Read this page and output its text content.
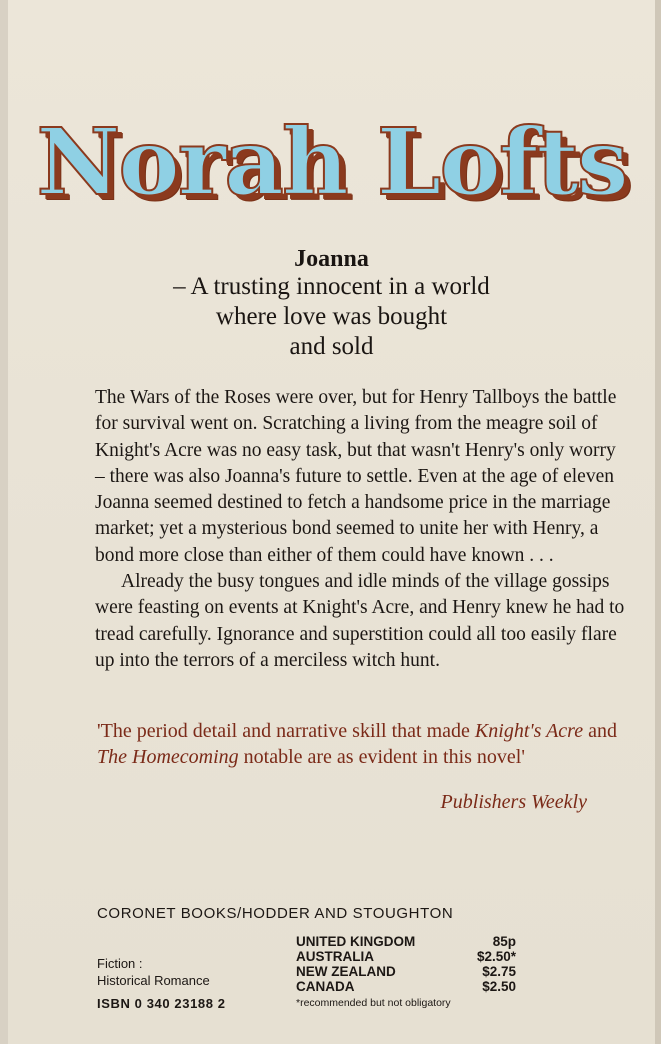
Norah Lofts
Joanna
– A trusting innocent in a world
where love was bought
and sold

The Wars of the Roses were over, but for Henry Tallboys the battle for survival went on. Scratching a living from the meagre soil of Knight's Acre was no easy task, but that wasn't Henry's only worry – there was also Joanna's future to settle. Even at the age of eleven Joanna seemed destined to fetch a handsome price in the marriage market; yet a mysterious bond seemed to unite her with Henry, a bond more close than either of them could have known . . .

Already the busy tongues and idle minds of the village gossips were feasting on events at Knight's Acre, and Henry knew he had to tread carefully. Ignorance and superstition could all too easily flare up into the terrors of a merciless witch hunt.

'The period detail and narrative skill that made Knight's Acre and The Homecoming notable are as evident in this novel'
Publishers Weekly
CORONET BOOKS/HODDER AND STOUGHTON
Fiction :
Historical Romance
ISBN 0 340 23188 2
UNITED KINGDOM	85p
AUSTRALIA	$2.50*
NEW ZEALAND	$2.75
CANADA	$2.50
*recommended but not obligatory
